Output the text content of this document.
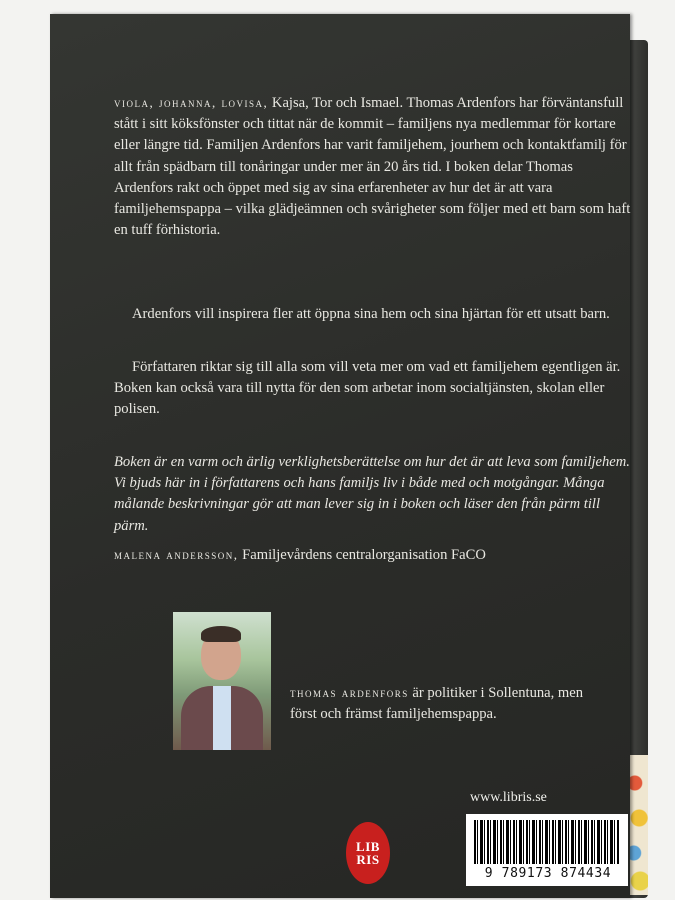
viola, johanna, lovisa, Kajsa, Tor och Ismael. Thomas Ardenfors har förväntansfull stått i sitt köksfönster och tittat när de kommit – familjens nya medlemmar för kortare eller längre tid. Familjen Ardenfors har varit familjehem, jourhem och kontaktfamilj för allt från spädbarn till tonåringar under mer än 20 års tid. I boken delar Thomas Ardenfors rakt och öppet med sig av sina erfarenheter av hur det är att vara familjehemspappa – vilka glädjeämnen och svårigheter som följer med ett barn som haft en tuff förhistoria.

Ardenfors vill inspirera fler att öppna sina hem och sina hjärtan för ett utsatt barn.

Författaren riktar sig till alla som vill veta mer om vad ett familjehem egentligen är. Boken kan också vara till nytta för den som arbetar inom socialtjänsten, skolan eller polisen.

Boken är en varm och ärlig verklighetsberättelse om hur det är att leva som familjehem. Vi bjuds här in i författarens och hans familjs liv i både med och motgångar. Många målande beskrivningar gör att man lever sig in i boken och läser den från pärm till pärm.

malena andersson, Familjevårdens centralorganisation FaCO

thomas ardenfors är politiker i Sollentuna, men först och främst familjehemspappa.

LIB
RIS
www.libris.se
9 789173 874434
